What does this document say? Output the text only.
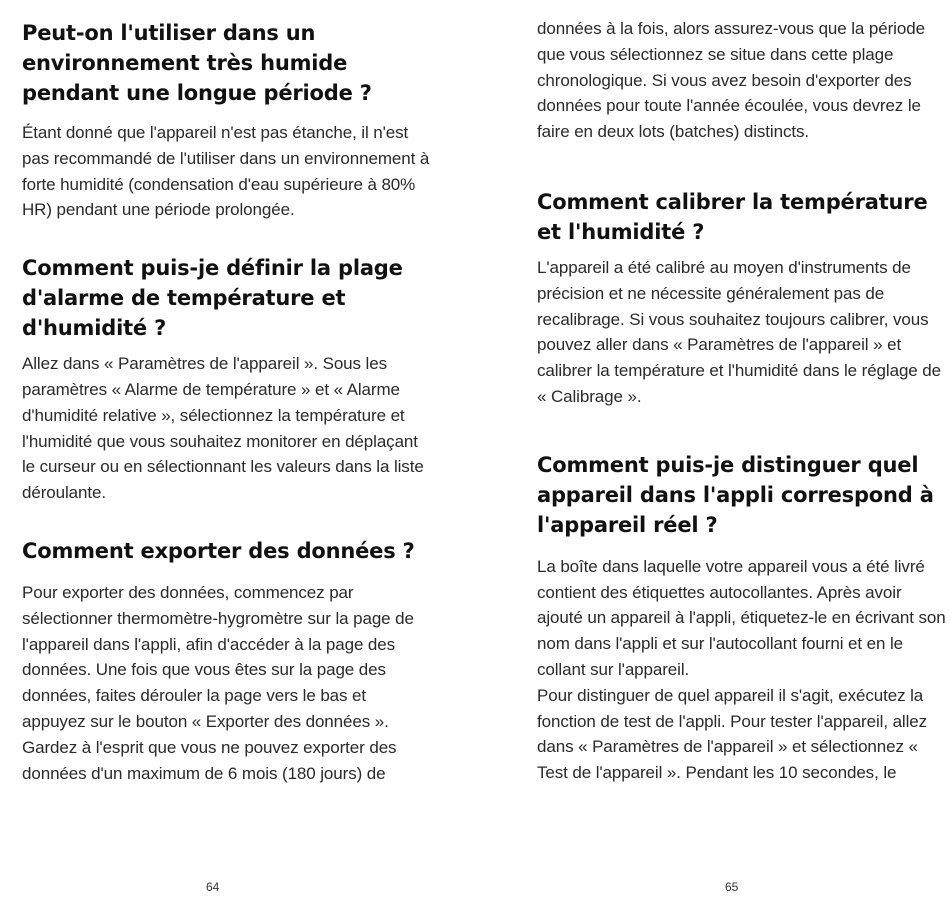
Peut-on l'utiliser dans un environnement très humide pendant une longue période ?

Étant donné que l'appareil n'est pas étanche, il n'est pas recommandé de l'utiliser dans un environnement à forte humidité (condensation d'eau supérieure à 80% HR) pendant une période prolongée.

Comment puis-je définir la plage d'alarme de température et d'humidité ?

Allez dans « Paramètres de l'appareil ». Sous les paramètres « Alarme de température » et « Alarme d'humidité relative », sélectionnez la température et l'humidité que vous souhaitez monitorer en déplaçant le curseur ou en sélectionnant les valeurs dans la liste déroulante.

Comment exporter des données ?

Pour exporter des données, commencez par sélectionner thermomètre-hygromètre sur la page de l'appareil dans l'appli, afin d'accéder à la page des données. Une fois que vous êtes sur la page des données, faites dérouler la page vers le bas et appuyez sur le bouton « Exporter des données ». Gardez à l'esprit que vous ne pouvez exporter des données d'un maximum de 6 mois (180 jours) de

64

données à la fois, alors assurez-vous que la période que vous sélectionnez se situe dans cette plage chronologique. Si vous avez besoin d'exporter des données pour toute l'année écoulée, vous devrez le faire en deux lots (batches) distincts.

Comment calibrer la température et l'humidité ?

L'appareil a été calibré au moyen d'instruments de précision et ne nécessite généralement pas de recalibrage. Si vous souhaitez toujours calibrer, vous pouvez aller dans « Paramètres de l'appareil » et calibrer la température et l'humidité dans le réglage de « Calibrage ».

Comment puis-je distinguer quel appareil dans l'appli correspond à l'appareil réel ?

La boîte dans laquelle votre appareil vous a été livré contient des étiquettes autocollantes. Après avoir ajouté un appareil à l'appli, étiquetez-le en écrivant son nom dans l'appli et sur l'autocollant fourni et en le collant sur l'appareil.

Pour distinguer de quel appareil il s'agit, exécutez la fonction de test de l'appli. Pour tester l'appareil, allez dans « Paramètres de l'appareil » et sélectionnez « Test de l'appareil ». Pendant les 10 secondes, le

65
